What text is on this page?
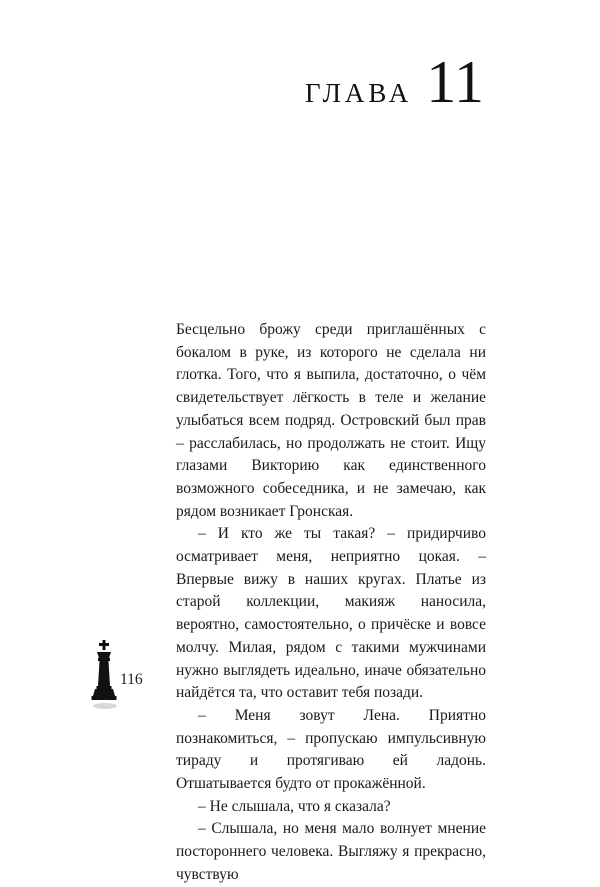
ГЛАВА 11

Бесцельно брожу среди приглашённых с бокалом в руке, из которого не сделала ни глотка. Того, что я выпила, достаточно, о чём свидетельствует лёгкость в теле и желание улыбаться всем подряд. Островский был прав – расслабилась, но продолжать не стоит. Ищу глазами Викторию как единственного возможного собеседника, и не замечаю, как рядом возникает Гронская.

– И кто же ты такая? – придирчиво осматривает меня, неприятно цокая. – Впервые вижу в наших кругах. Платье из старой коллекции, макияж наносила, вероятно, самостоятельно, о причёске и вовсе молчу. Милая, рядом с такими мужчинами нужно выглядеть идеально, иначе обязательно найдётся та, что оставит тебя позади.

– Меня зовут Лена. Приятно познакомиться, – пропускаю импульсивную тираду и протягиваю ей ладонь. Отшатывается будто от прокажённой.

– Не слышала, что я сказала?

– Слышала, но меня мало волнует мнение постороннего человека. Выгляжу я прекрасно, чувствую

116
